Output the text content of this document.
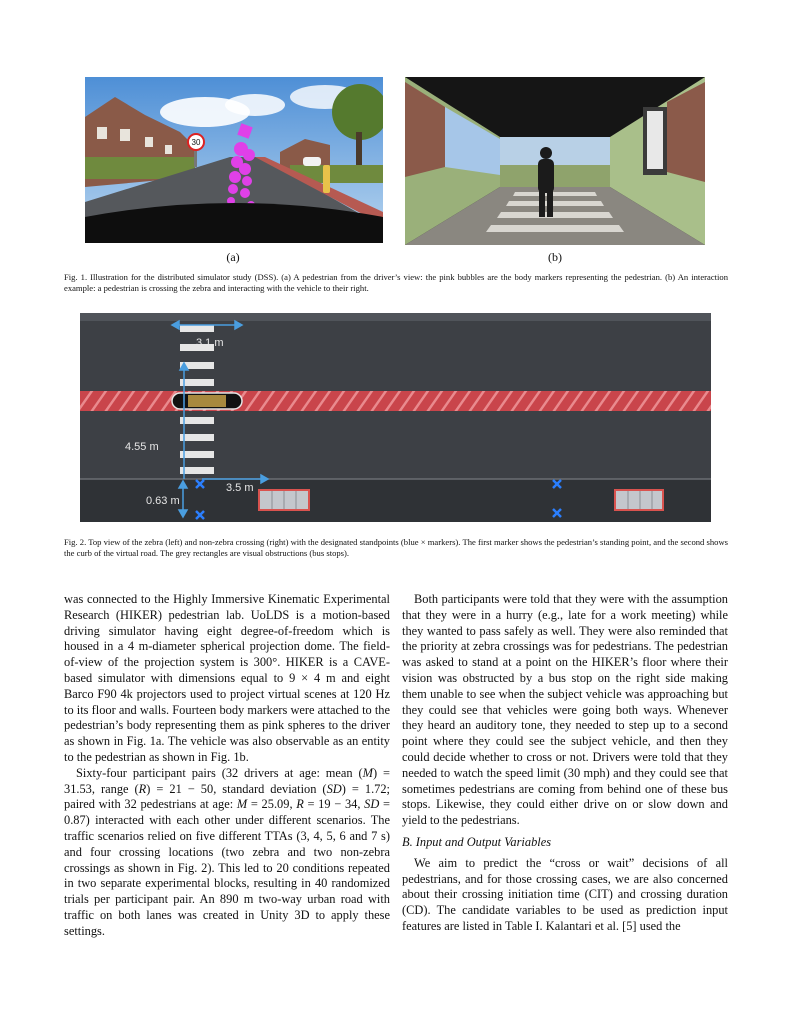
30
(a)	(b)
Fig. 1. Illustration for the distributed simulator study (DSS). (a) A pedestrian from the driver’s view: the pink bubbles are the body markers representing the pedestrian. (b) An interaction example: a pedestrian is crossing the zebra and interacting with the vehicle to their right.
3.1 m
4.55 m
0.63 m
3.5 m
Fig. 2. Top view of the zebra (left) and non-zebra crossing (right) with the designated standpoints (blue × markers). The first marker shows the pedestrian’s standing point, and the second shows the curb of the virtual road. The grey rectangles are visual obstructions (bus stops).

was connected to the Highly Immersive Kinematic Experimental Research (HIKER) pedestrian lab. UoLDS is a motion-based driving simulator having eight degree-of-freedom which is housed in a 4 m-diameter spherical projection dome. The field-of-view of the projection system is 300°. HIKER is a CAVE-based simulator with dimensions equal to 9 × 4 m and eight Barco F90 4k projectors used to project virtual scenes at 120 Hz to its floor and walls. Fourteen body markers were attached to the pedestrian’s body representing them as pink spheres to the driver as shown in Fig. 1a. The vehicle was also observable as an entity to the pedestrian as shown in Fig. 1b.

Sixty-four participant pairs (32 drivers at age: mean (M) = 31.53, range (R) = 21 − 50, standard deviation (SD) = 1.72; paired with 32 pedestrians at age: M = 25.09, R = 19 − 34, SD = 0.87) interacted with each other under different scenarios. The traffic scenarios relied on five different TTAs (3, 4, 5, 6 and 7 s) and four crossing locations (two zebra and two non-zebra crossings as shown in Fig. 2). This led to 20 conditions repeated in two separate experimental blocks, resulting in 40 randomized trials per participant pair. An 890 m two-way urban road with traffic on both lanes was created in Unity 3D to apply these settings.

Both participants were told that they were with the assumption that they were in a hurry (e.g., late for a work meeting) while they wanted to pass safely as well. They were also reminded that the priority at zebra crossings was for pedestrians. The pedestrian was asked to stand at a point on the HIKER’s floor where their vision was obstructed by a bus stop on the right side making them unable to see when the subject vehicle was approaching but they could see that vehicles were going both ways. Whenever they heard an auditory tone, they needed to step up to a second point where they could see the subject vehicle, and then they could decide whether to cross or not. Drivers were told that they needed to watch the speed limit (30 mph) and they could see that sometimes pedestrians are coming from behind one of these bus stops. Likewise, they could either drive on or slow down and yield to the pedestrians.

B. Input and Output Variables

We aim to predict the “cross or wait” decisions of all pedestrians, and for those crossing cases, we are also concerned about their crossing initiation time (CIT) and crossing duration (CD). The candidate variables to be used as prediction input features are listed in Table I. Kalantari et al. [5] used the
